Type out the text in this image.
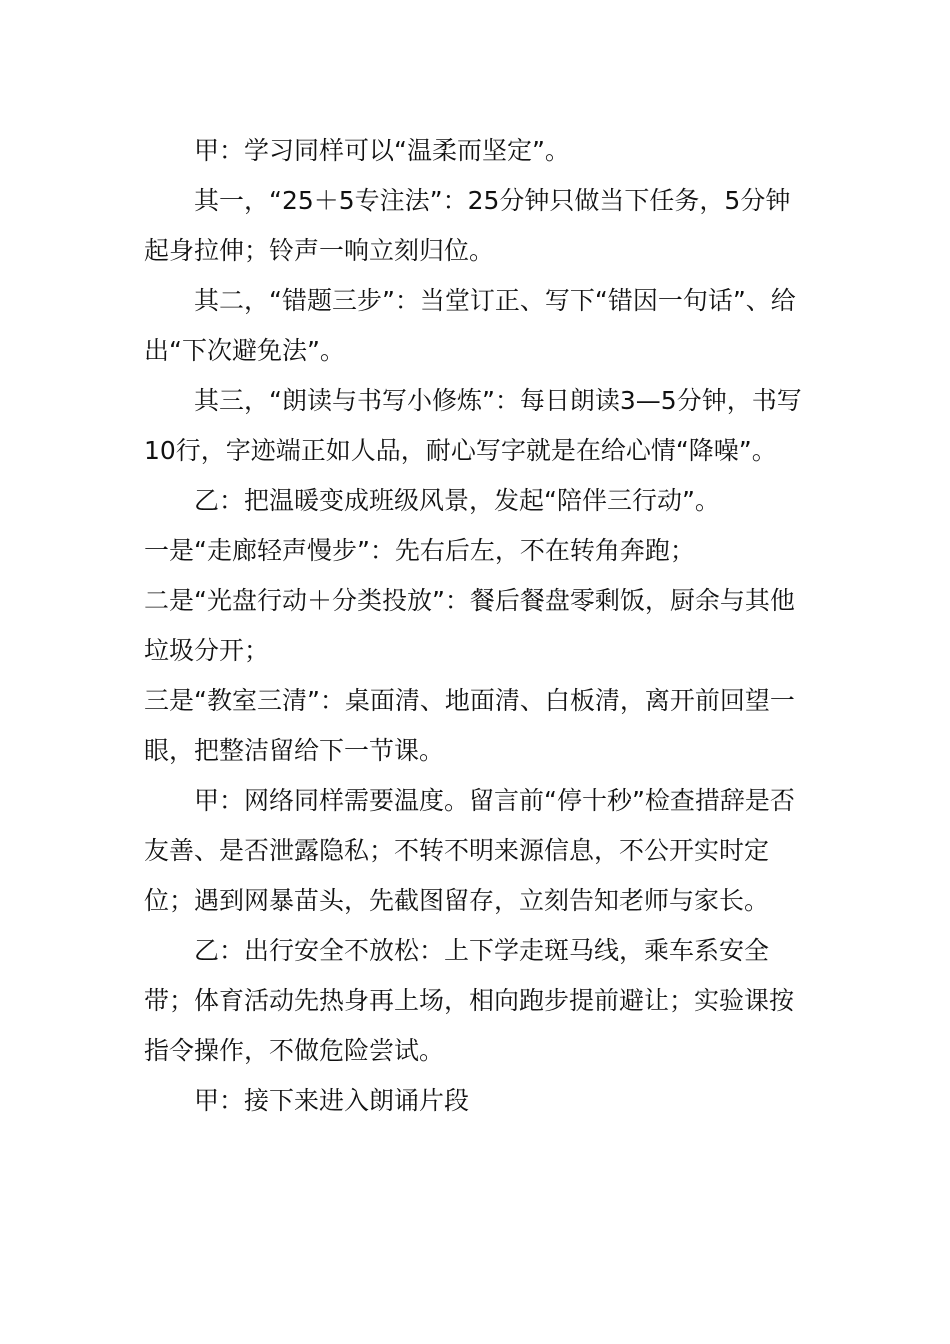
甲：学习同样可以“温柔而坚定”。

其一，“25＋5专注法”：25分钟只做当下任务，5分钟起身拉伸；铃声一响立刻归位。

其二，“错题三步”：当堂订正、写下“错因一句话”、给出“下次避免法”。

其三，“朗读与书写小修炼”：每日朗读3—5分钟，书写10行，字迹端正如人品，耐心写字就是在给心情“降噪”。

乙：把温暖变成班级风景，发起“陪伴三行动”。

一是“走廊轻声慢步”：先右后左，不在转角奔跑；

二是“光盘行动＋分类投放”：餐后餐盘零剩饭，厨余与其他垃圾分开；

三是“教室三清”：桌面清、地面清、白板清，离开前回望一眼，把整洁留给下一节课。

甲：网络同样需要温度。留言前“停十秒”检查措辞是否友善、是否泄露隐私；不转不明来源信息，不公开实时定位；遇到网暴苗头，先截图留存，立刻告知老师与家长。

乙：出行安全不放松：上下学走斑马线，乘车系安全带；体育活动先热身再上场，相向跑步提前避让；实验课按指令操作，不做危险尝试。

甲：接下来进入朗诵片段
